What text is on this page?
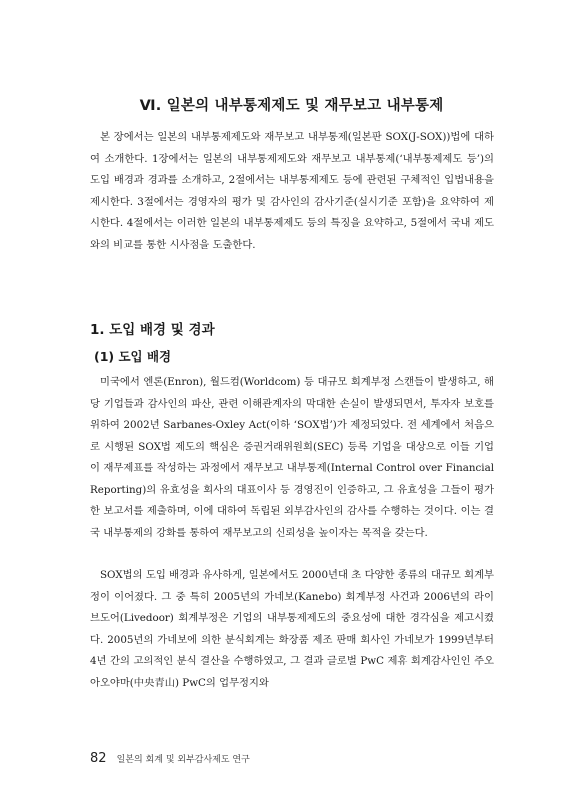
Ⅵ. 일본의 내부통제제도 및 재무보고 내부통제

본 장에서는 일본의 내부통제제도와 재무보고 내부통제(일본판 SOX(J-SOX))법에 대하여 소개한다. 1장에서는 일본의 내부통제제도와 재무보고 내부통제(‘내부통제제도 등’)의 도입 배경과 경과를 소개하고, 2절에서는 내부통제제도 등에 관련된 구체적인 입법내용을 제시한다. 3절에서는 경영자의 평가 및 감사인의 감사기준(실시기준 포함)을 요약하여 제시한다. 4절에서는 이러한 일본의 내부통제제도 등의 특징을 요약하고, 5절에서 국내 제도와의 비교를 통한 시사점을 도출한다.

1. 도입 배경 및 경과
(1) 도입 배경

미국에서 엔론(Enron), 월드컴(Worldcom) 등 대규모 회계부정 스캔들이 발생하고, 해당 기업들과 감사인의 파산, 관련 이해관계자의 막대한 손실이 발생되면서, 투자자 보호를 위하여 2002년 Sarbanes-Oxley Act(이하 ‘SOX법’)가 제정되었다. 전 세계에서 처음으로 시행된 SOX법 제도의 핵심은 증권거래위원회(SEC) 등록 기업을 대상으로 이들 기업이 재무제표를 작성하는 과정에서 재무보고 내부통제(Internal Control over Financial Reporting)의 유효성을 회사의 대표이사 등 경영진이 인증하고, 그 유효성을 그들이 평가한 보고서를 제출하며, 이에 대하여 독립된 외부감사인의 감사를 수행하는 것이다. 이는 결국 내부통제의 강화를 통하여 재무보고의 신뢰성을 높이자는 목적을 갖는다.

SOX법의 도입 배경과 유사하게, 일본에서도 2000년대 초 다양한 종류의 대규모 회계부정이 이어졌다. 그 중 특히 2005년의 가네보(Kanebo) 회계부정 사건과 2006년의 라이브도어(Livedoor) 회계부정은 기업의 내부통제제도의 중요성에 대한 경각심을 제고시켰다. 2005년의 가네보에 의한 분식회계는 화장품 제조 판매 회사인 가네보가 1999년부터 4년 간의 고의적인 분식 결산을 수행하였고, 그 결과 글로벌 PwC 제휴 회계감사인인 주오아오야마(中央青山) PwC의 업무정지와

82 일본의 회계 및 외부감사제도 연구
